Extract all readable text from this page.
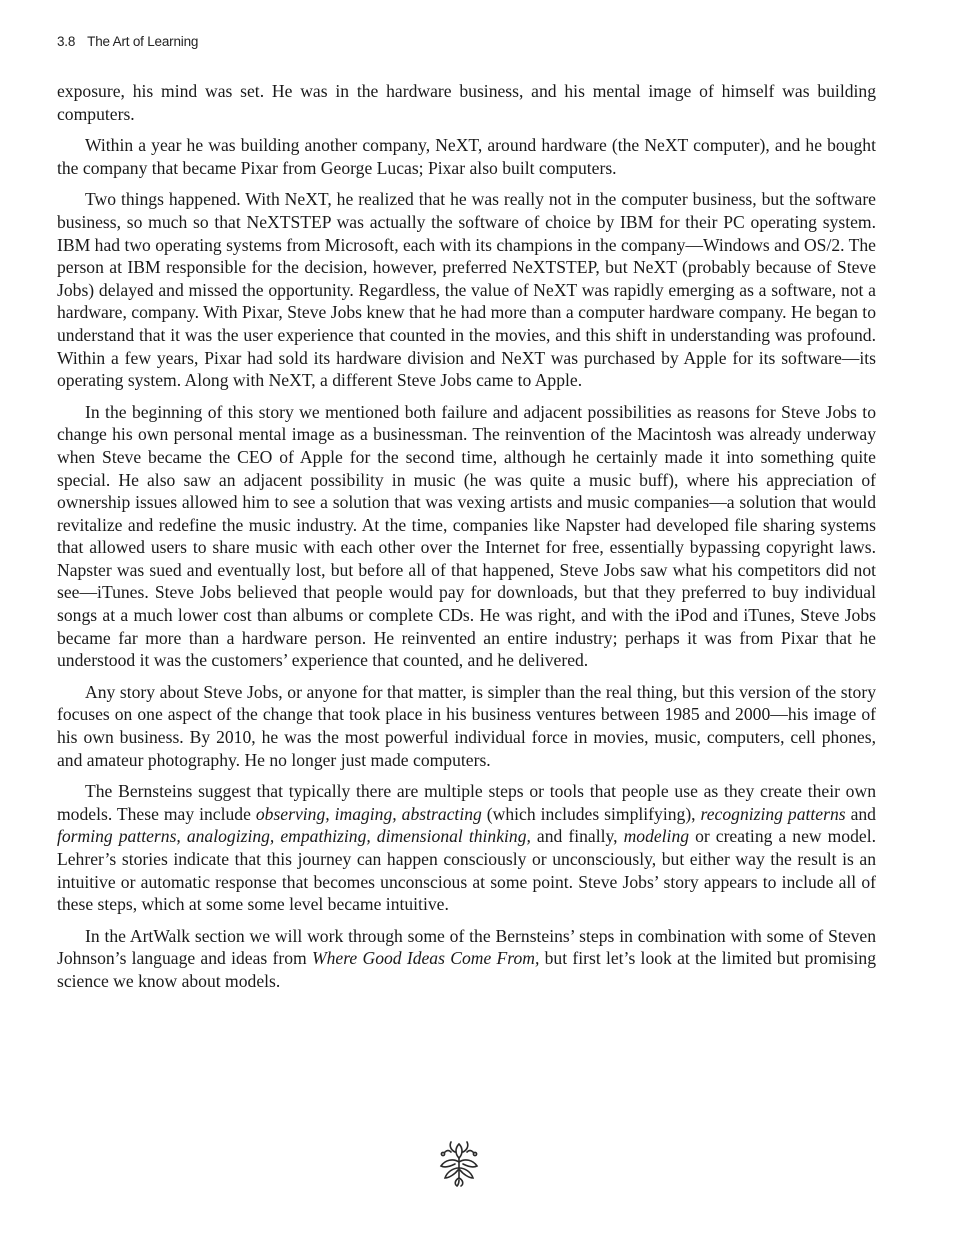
3.8 The Art of Learning

exposure, his mind was set. He was in the hardware business, and his mental image of himself was building computers.

Within a year he was building another company, NeXT, around hardware (the NeXT computer), and he bought the company that became Pixar from George Lucas; Pixar also built computers.

Two things happened. With NeXT, he realized that he was really not in the computer business, but the software business, so much so that NeXTSTEP was actually the software of choice by IBM for their PC operating system. IBM had two operating systems from Microsoft, each with its champions in the company—Windows and OS/2. The person at IBM responsible for the decision, however, preferred NeXTSTEP, but NeXT (probably because of Steve Jobs) delayed and missed the opportunity. Regardless, the value of NeXT was rapidly emerging as a software, not a hardware, company. With Pixar, Steve Jobs knew that he had more than a computer hardware company. He began to understand that it was the user experience that counted in the movies, and this shift in understanding was profound. Within a few years, Pixar had sold its hardware division and NeXT was purchased by Apple for its software—its operating system. Along with NeXT, a different Steve Jobs came to Apple.

In the beginning of this story we mentioned both failure and adjacent possibilities as reasons for Steve Jobs to change his own personal mental image as a businessman. The reinvention of the Macintosh was already underway when Steve became the CEO of Apple for the second time, although he certainly made it into something quite special. He also saw an adjacent possibility in music (he was quite a music buff), where his appreciation of ownership issues allowed him to see a solution that was vexing artists and music companies—a solution that would revitalize and redefine the music industry. At the time, companies like Napster had developed file sharing systems that allowed users to share music with each other over the Internet for free, essentially bypassing copyright laws. Napster was sued and eventually lost, but before all of that happened, Steve Jobs saw what his competitors did not see—iTunes. Steve Jobs believed that people would pay for downloads, but that they preferred to buy individual songs at a much lower cost than albums or complete CDs. He was right, and with the iPod and iTunes, Steve Jobs became far more than a hardware person. He reinvented an entire industry; perhaps it was from Pixar that he understood it was the customers’ experience that counted, and he delivered.

Any story about Steve Jobs, or anyone for that matter, is simpler than the real thing, but this version of the story focuses on one aspect of the change that took place in his business ventures between 1985 and 2000—his image of his own business. By 2010, he was the most powerful individual force in movies, music, computers, cell phones, and amateur photography. He no longer just made computers.

The Bernsteins suggest that typically there are multiple steps or tools that people use as they create their own models. These may include observing, imaging, abstracting (which includes simplifying), recognizing patterns and forming patterns, analogizing, empathizing, dimensional thinking, and finally, modeling or creating a new model. Lehrer’s stories indicate that this journey can happen consciously or unconsciously, but either way the result is an intuitive or automatic response that becomes unconscious at some point. Steve Jobs’ story appears to include all of these steps, which at some some level became intuitive.

In the ArtWalk section we will work through some of the Bernsteins’ steps in combination with some of Steven Johnson’s language and ideas from Where Good Ideas Come From, but first let’s look at the limited but promising science we know about models.
